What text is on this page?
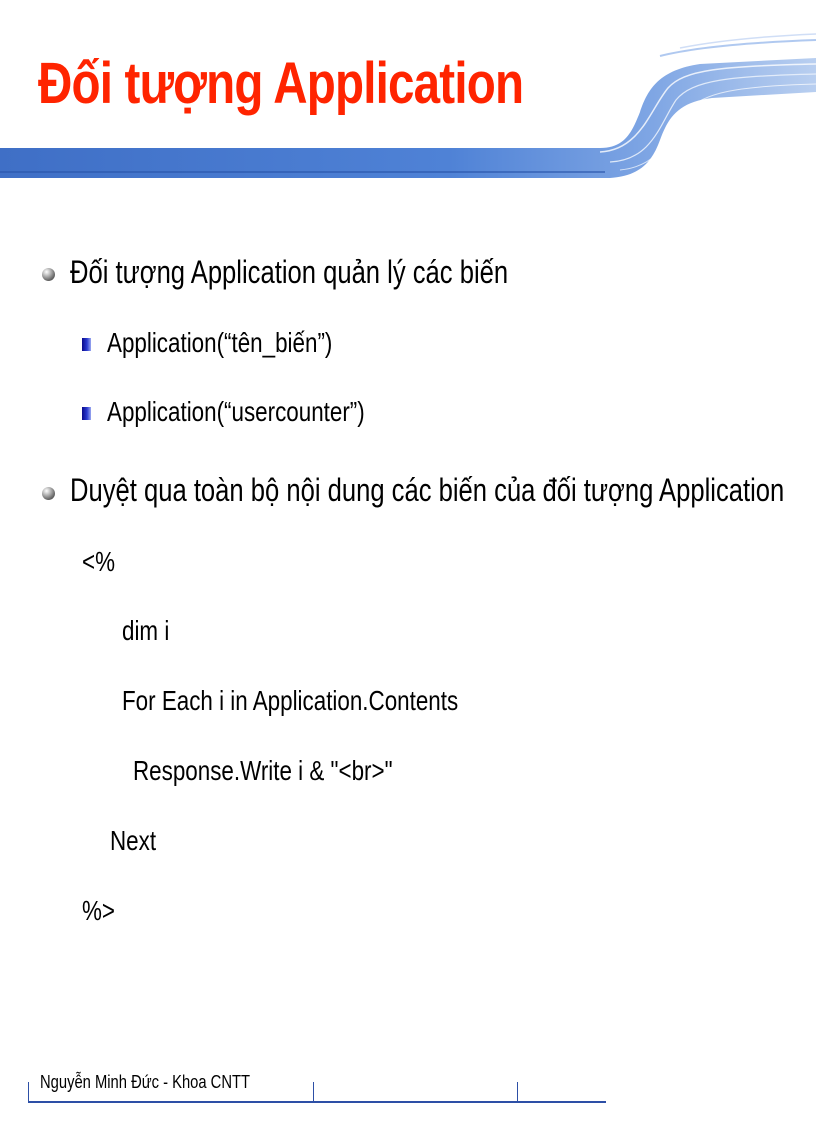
Đối tượng Application

Đối tượng Application quản lý các biến

Application(“tên_biến”)

Application(“usercounter”)

Duyệt qua toàn bộ nội dung các biến của đối tượng Application

<%

dim i

For Each i in Application.Contents

Response.Write i & "<br>"

Next

%>

Nguyễn Minh Đức - Khoa CNTT
